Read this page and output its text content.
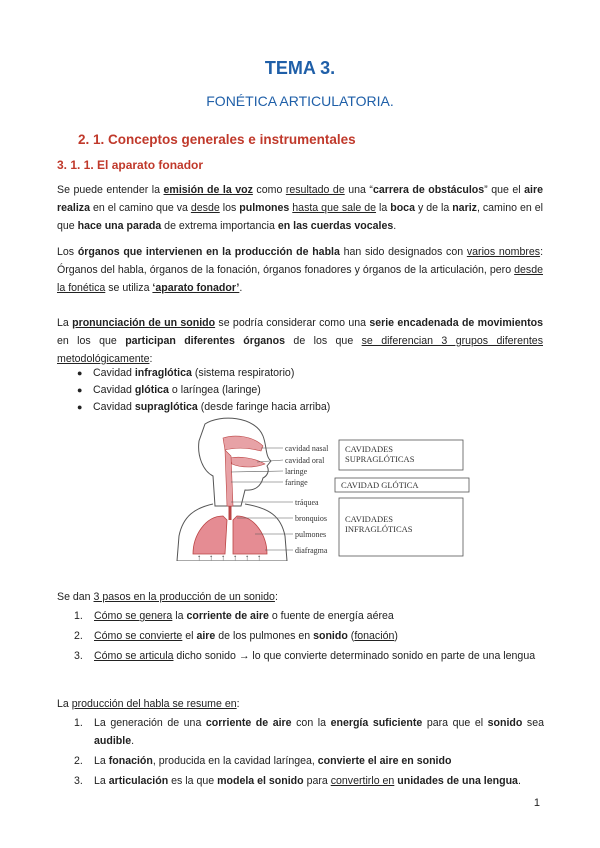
TEMA 3.
FONÉTICA ARTICULATORIA.
2. 1. Conceptos generales e instrumentales
3. 1. 1. El aparato fonador
Se puede entender la emisión de la voz como resultado de una “carrera de obstáculos” que el aire realiza en el camino que va desde los pulmones hasta que sale de la boca y de la nariz, camino en el que hace una parada de extrema importancia en las cuerdas vocales.
Los órganos que intervienen en la producción de habla han sido designados con varios nombres: Órganos del habla, órganos de la fonación, órganos fonadores y órganos de la articulación, pero desde la fonética se utiliza ‘aparato fonador’.
La pronunciación de un sonido se podría considerar como una serie encadenada de movimientos en los que participan diferentes órganos de los que se diferencian 3 grupos diferentes metodológicamente:
● Cavidad infraglótica (sistema respiratorio)
● Cavidad glótica o laríngea (laringe)
● Cavidad supraglótica (desde faringe hacia arriba)
↑ ↑ ↑ ↑ ↑ ↑
cavidad nasal
cavidad oral
laringe
faringe
tráquea
bronquios
pulmones
diafragma
CAVIDADES
SUPRAGLÓTICAS
CAVIDAD GLÓTICA
CAVIDADES
INFRAGLÓTICAS
Se dan 3 pasos en la producción de un sonido:
1.	Cómo se genera la corriente de aire o fuente de energía aérea
2.	Cómo se convierte el aire de los pulmones en sonido (fonación)
3.	Cómo se articula dicho sonido → lo que convierte determinado sonido en parte de una lengua
La producción del habla se resume en:
1.	La generación de una corriente de aire con la energía suficiente para que el sonido sea audible.
2.	La fonación, producida en la cavidad laríngea, convierte el aire en sonido
3.	La articulación es la que modela el sonido para convertirlo en unidades de una lengua.
1
